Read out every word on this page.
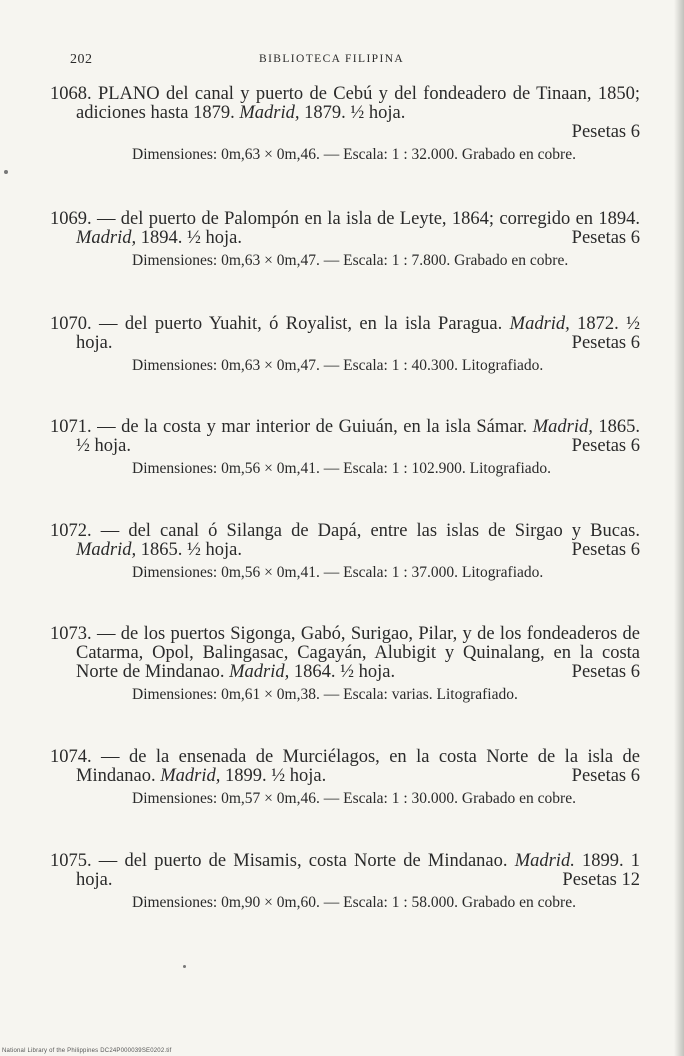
202	BIBLIOTECA FILIPINA

1068. PLANO del canal y puerto de Cebú y del fondeadero de Tinaan, 1850; adiciones hasta 1879. Madrid, 1879. ½ hoja.

Pesetas 6

Dimensiones: 0m,63 × 0m,46. — Escala: 1 : 32.000. Grabado en cobre.

1069. — del puerto de Palompón en la isla de Leyte, 1864; corregido en 1894. Madrid, 1894. ½ hoja.	Pesetas 6

Dimensiones: 0m,63 × 0m,47. — Escala: 1 : 7.800. Grabado en cobre.

1070. — del puerto Yuahit, ó Royalist, en la isla Paragua. Madrid, 1872. ½ hoja.	Pesetas 6

Dimensiones: 0m,63 × 0m,47. — Escala: 1 : 40.300. Litografiado.

1071. — de la costa y mar interior de Guiuán, en la isla Sámar. Madrid, 1865. ½ hoja.	Pesetas 6

Dimensiones: 0m,56 × 0m,41. — Escala: 1 : 102.900. Litografiado.

1072. — del canal ó Silanga de Dapá, entre las islas de Sirgao y Bucas. Madrid, 1865. ½ hoja.	Pesetas 6

Dimensiones: 0m,56 × 0m,41. — Escala: 1 : 37.000. Litografiado.

1073. — de los puertos Sigonga, Gabó, Surigao, Pilar, y de los fondeaderos de Catarma, Opol, Balingasac, Cagayán, Alubigit y Quinalang, en la costa Norte de Mindanao. Madrid, 1864. ½ hoja.	Pesetas 6

Dimensiones: 0m,61 × 0m,38. — Escala: varias. Litografiado.

1074. — de la ensenada de Murciélagos, en la costa Norte de la isla de Mindanao. Madrid, 1899. ½ hoja.	Pesetas 6

Dimensiones: 0m,57 × 0m,46. — Escala: 1 : 30.000. Grabado en cobre.

1075. — del puerto de Misamis, costa Norte de Mindanao. Madrid. 1899. 1 hoja.	Pesetas 12

Dimensiones: 0m,90 × 0m,60. — Escala: 1 : 58.000. Grabado en cobre.
National Library of the Philippines DC24P000039SE0202.tif
